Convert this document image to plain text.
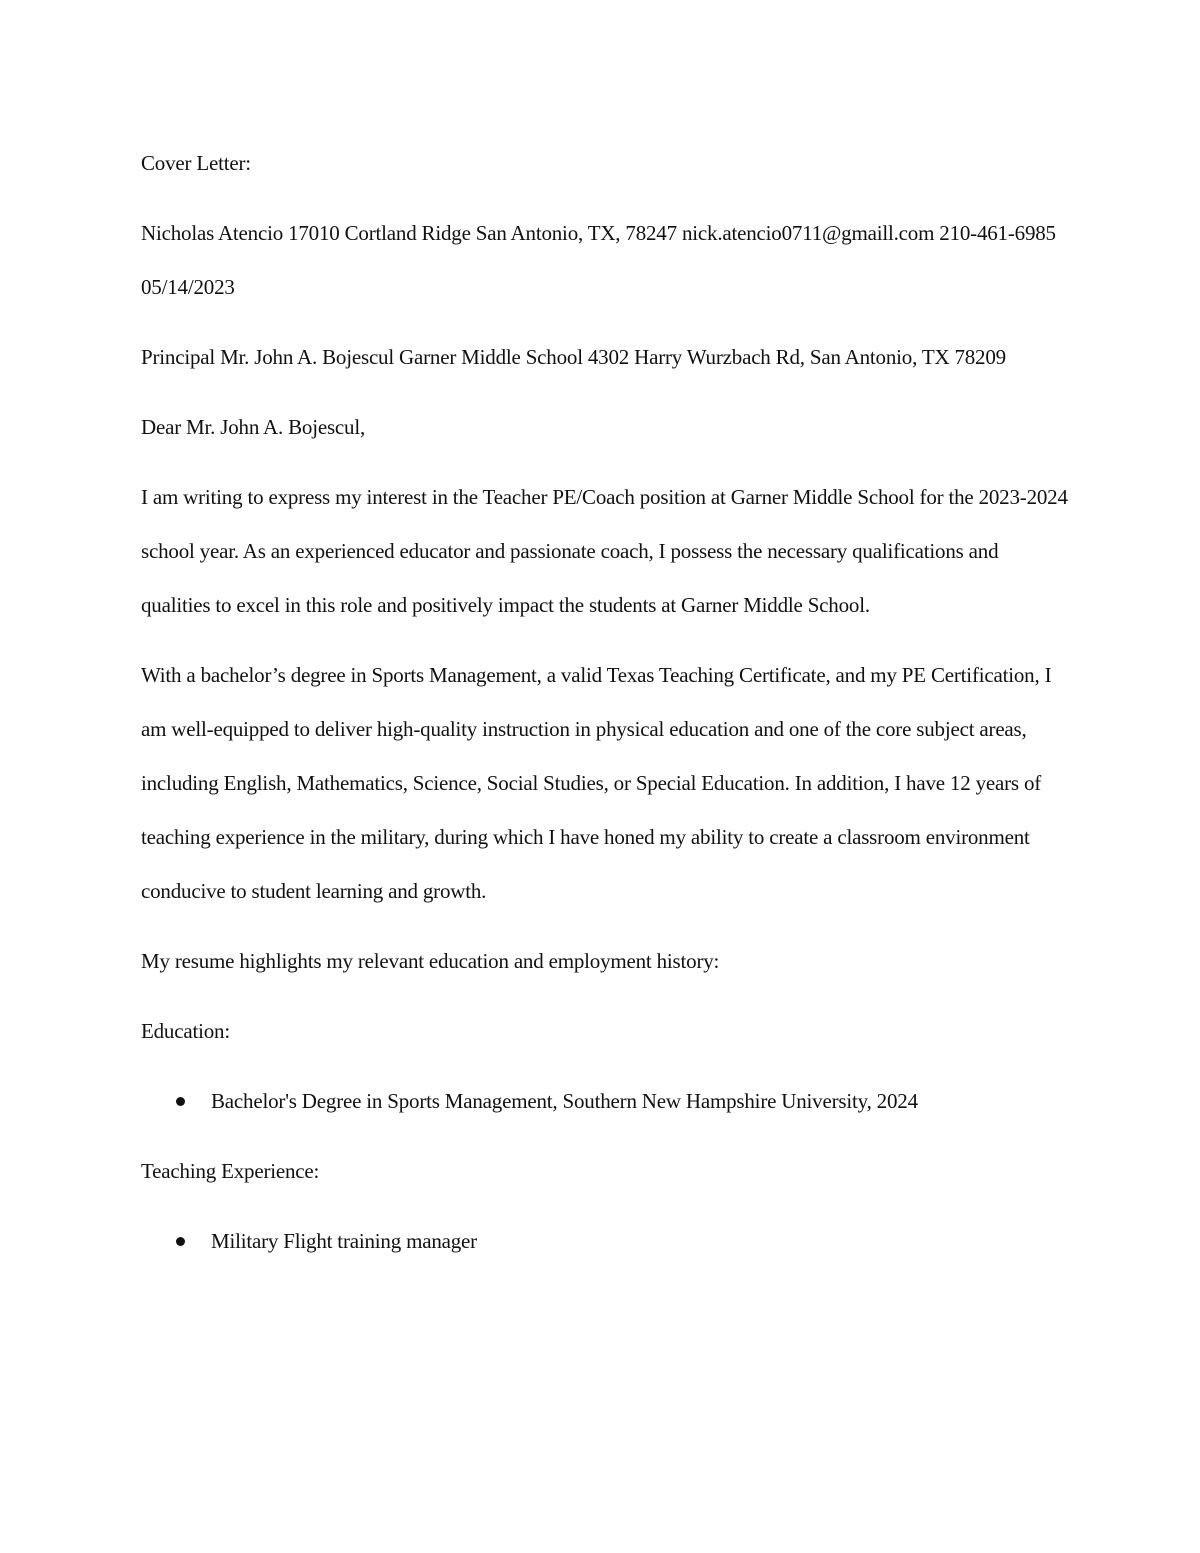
Cover Letter:

Nicholas Atencio 17010 Cortland Ridge San Antonio, TX, 78247 nick.atencio0711@gmaill.com 210-461-6985 05/14/2023

Principal Mr. John A. Bojescul Garner Middle School 4302 Harry Wurzbach Rd, San Antonio, TX 78209

Dear Mr. John A. Bojescul,

I am writing to express my interest in the Teacher PE/Coach position at Garner Middle School for the 2023-2024 school year. As an experienced educator and passionate coach, I possess the necessary qualifications and qualities to excel in this role and positively impact the students at Garner Middle School.

With a bachelor’s degree in Sports Management, a valid Texas Teaching Certificate, and my PE Certification, I am well-equipped to deliver high-quality instruction in physical education and one of the core subject areas, including English, Mathematics, Science, Social Studies, or Special Education. In addition, I have 12 years of teaching experience in the military, during which I have honed my ability to create a classroom environment conducive to student learning and growth.

My resume highlights my relevant education and employment history:

Education:

Bachelor's Degree in Sports Management, Southern New Hampshire University, 2024

Teaching Experience:

Military Flight training manager
